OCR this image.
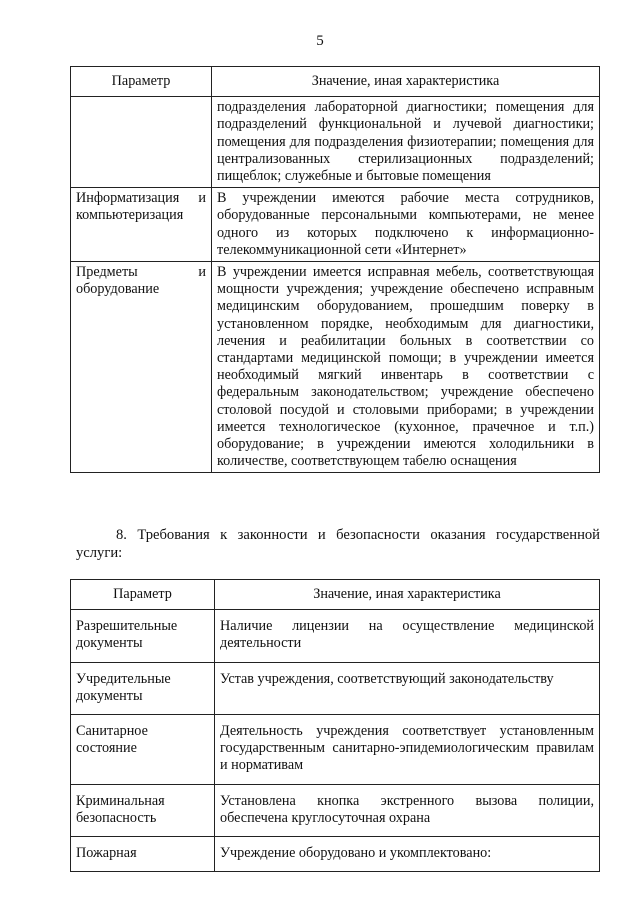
5
Параметр	Значение, иная характеристика
	подразделения лабораторной диагностики; помещения для подразделений функциональной и лучевой диагностики; помещения для подразделения физиотерапии; помещения для централизованных стерилизационных подразделений; пищеблок; служебные и бытовые помещения
Информатизация и компьютеризация	В учреждении имеются рабочие места сотрудников, оборудованные персональными компьютерами, не менее одного из которых подключено к информационно-телекоммуникационной сети «Интернет»
Предметы и оборудование	В учреждении имеется исправная мебель, соответствующая мощности учреждения; учреждение обеспечено исправным медицинским оборудованием, прошедшим поверку в установленном порядке, необходимым для диагностики, лечения и реабилитации больных в соответствии со стандартами медицинской помощи; в учреждении имеется необходимый мягкий инвентарь в соответствии с федеральным законодательством; учреждение обеспечено столовой посудой и столовыми приборами; в учреждении имеется технологическое (кухонное, прачечное и т.п.) оборудование; в учреждении имеются холодильники в количестве, соответствующем табелю оснащения
8. Требования к законности и безопасности оказания государственной услуги:
Параметр	Значение, иная характеристика
Разрешительные документы	Наличие лицензии на осуществление медицинской деятельности
Учредительные документы	Устав учреждения, соответствующий законодательству
Санитарное состояние	Деятельность учреждения соответствует установленным государственным санитарно-эпидемиологическим правилам и нормативам
Криминальная безопасность	Установлена кнопка экстренного вызова полиции, обеспечена круглосуточная охрана
Пожарная	Учреждение оборудовано и укомплектовано:
